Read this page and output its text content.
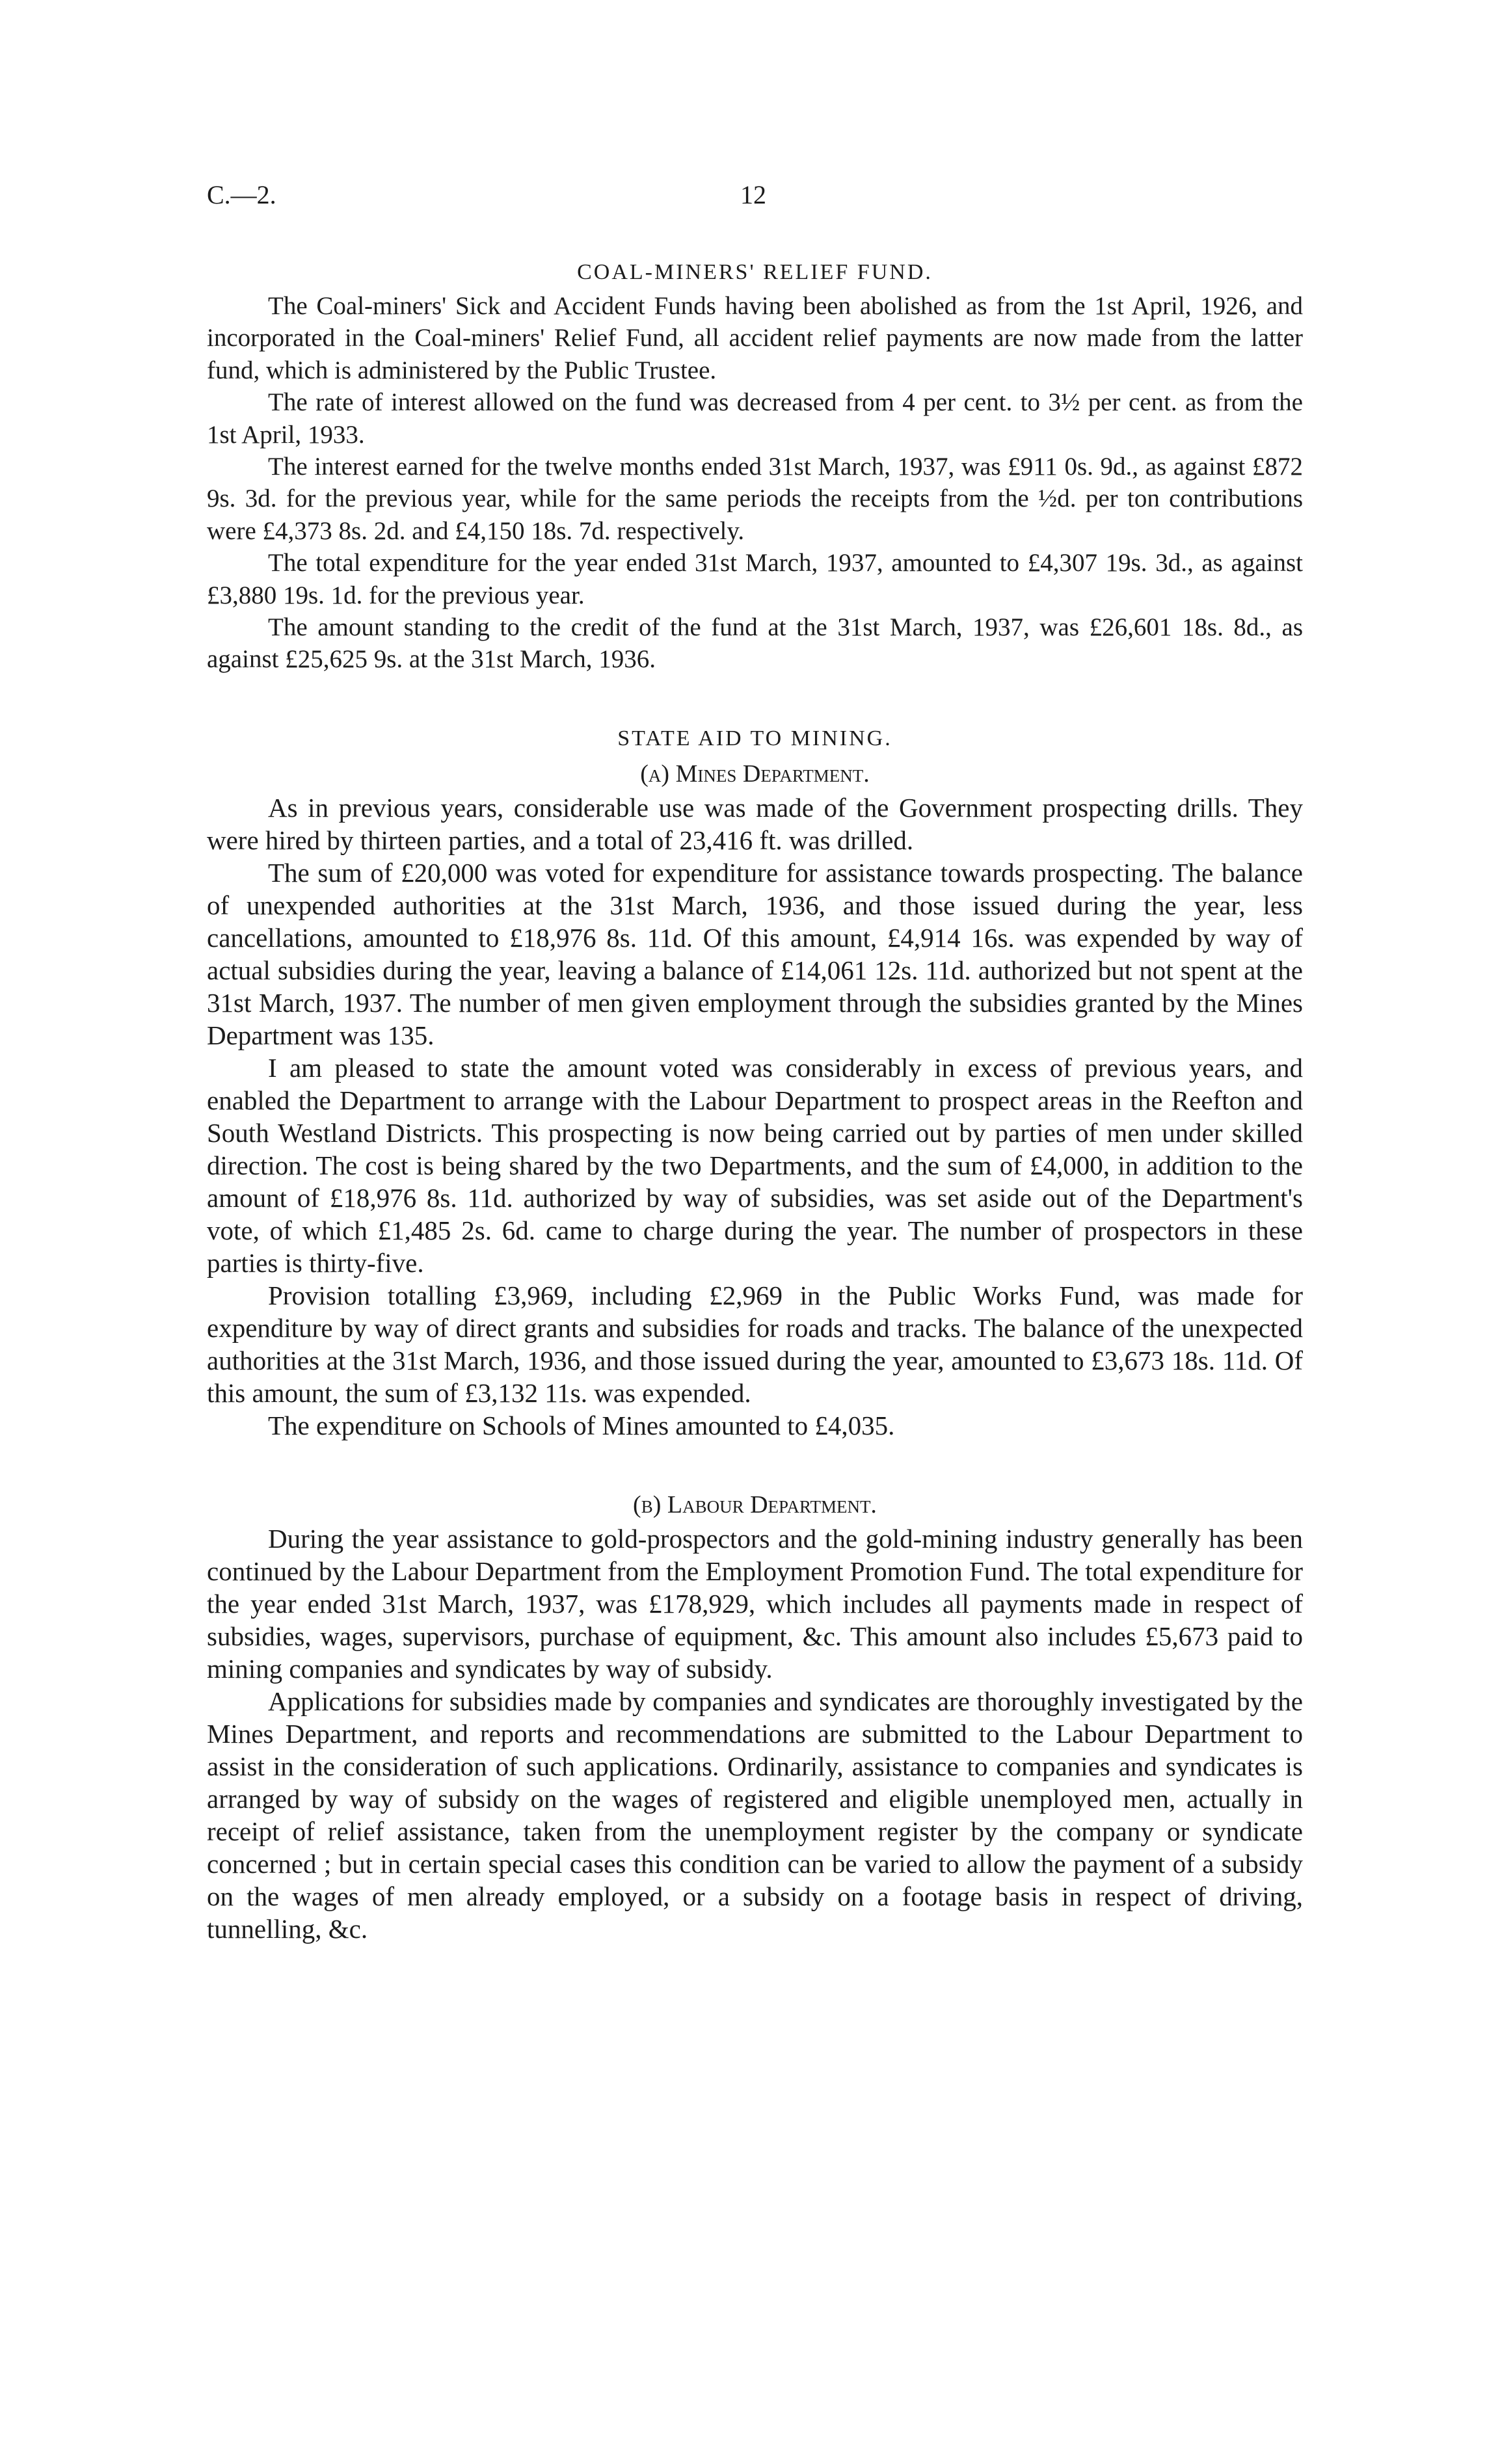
C.—2.	12
COAL-MINERS' RELIEF FUND.

The Coal-miners' Sick and Accident Funds having been abolished as from the 1st April, 1926, and incorporated in the Coal-miners' Relief Fund, all accident relief payments are now made from the latter fund, which is administered by the Public Trustee.

The rate of interest allowed on the fund was decreased from 4 per cent. to 3½ per cent. as from the 1st April, 1933.

The interest earned for the twelve months ended 31st March, 1937, was £911 0s. 9d., as against £872 9s. 3d. for the previous year, while for the same periods the receipts from the ½d. per ton contributions were £4,373 8s. 2d. and £4,150 18s. 7d. respectively.

The total expenditure for the year ended 31st March, 1937, amounted to £4,307 19s. 3d., as against £3,880 19s. 1d. for the previous year.

The amount standing to the credit of the fund at the 31st March, 1937, was £26,601 18s. 8d., as against £25,625 9s. at the 31st March, 1936.

STATE AID TO MINING.
(a) Mines Department.

As in previous years, considerable use was made of the Government prospecting drills. They were hired by thirteen parties, and a total of 23,416 ft. was drilled.

The sum of £20,000 was voted for expenditure for assistance towards prospecting. The balance of unexpended authorities at the 31st March, 1936, and those issued during the year, less cancellations, amounted to £18,976 8s. 11d. Of this amount, £4,914 16s. was expended by way of actual subsidies during the year, leaving a balance of £14,061 12s. 11d. authorized but not spent at the 31st March, 1937. The number of men given employment through the subsidies granted by the Mines Department was 135.

I am pleased to state the amount voted was considerably in excess of previous years, and enabled the Department to arrange with the Labour Department to prospect areas in the Reefton and South Westland Districts. This prospecting is now being carried out by parties of men under skilled direction. The cost is being shared by the two Departments, and the sum of £4,000, in addition to the amount of £18,976 8s. 11d. authorized by way of subsidies, was set aside out of the Department's vote, of which £1,485 2s. 6d. came to charge during the year. The number of prospectors in these parties is thirty-five.

Provision totalling £3,969, including £2,969 in the Public Works Fund, was made for expenditure by way of direct grants and subsidies for roads and tracks. The balance of the unexpected authorities at the 31st March, 1936, and those issued during the year, amounted to £3,673 18s. 11d. Of this amount, the sum of £3,132 11s. was expended.

The expenditure on Schools of Mines amounted to £4,035.

(b) Labour Department.

During the year assistance to gold-prospectors and the gold-mining industry generally has been continued by the Labour Department from the Employment Promotion Fund. The total expenditure for the year ended 31st March, 1937, was £178,929, which includes all payments made in respect of subsidies, wages, supervisors, purchase of equipment, &c. This amount also includes £5,673 paid to mining companies and syndicates by way of subsidy.

Applications for subsidies made by companies and syndicates are thoroughly investigated by the Mines Department, and reports and recommendations are submitted to the Labour Department to assist in the consideration of such applications. Ordinarily, assistance to companies and syndicates is arranged by way of subsidy on the wages of registered and eligible unemployed men, actually in receipt of relief assistance, taken from the unemployment register by the company or syndicate concerned ; but in certain special cases this condition can be varied to allow the payment of a subsidy on the wages of men already employed, or a subsidy on a footage basis in respect of driving, tunnelling, &c.
